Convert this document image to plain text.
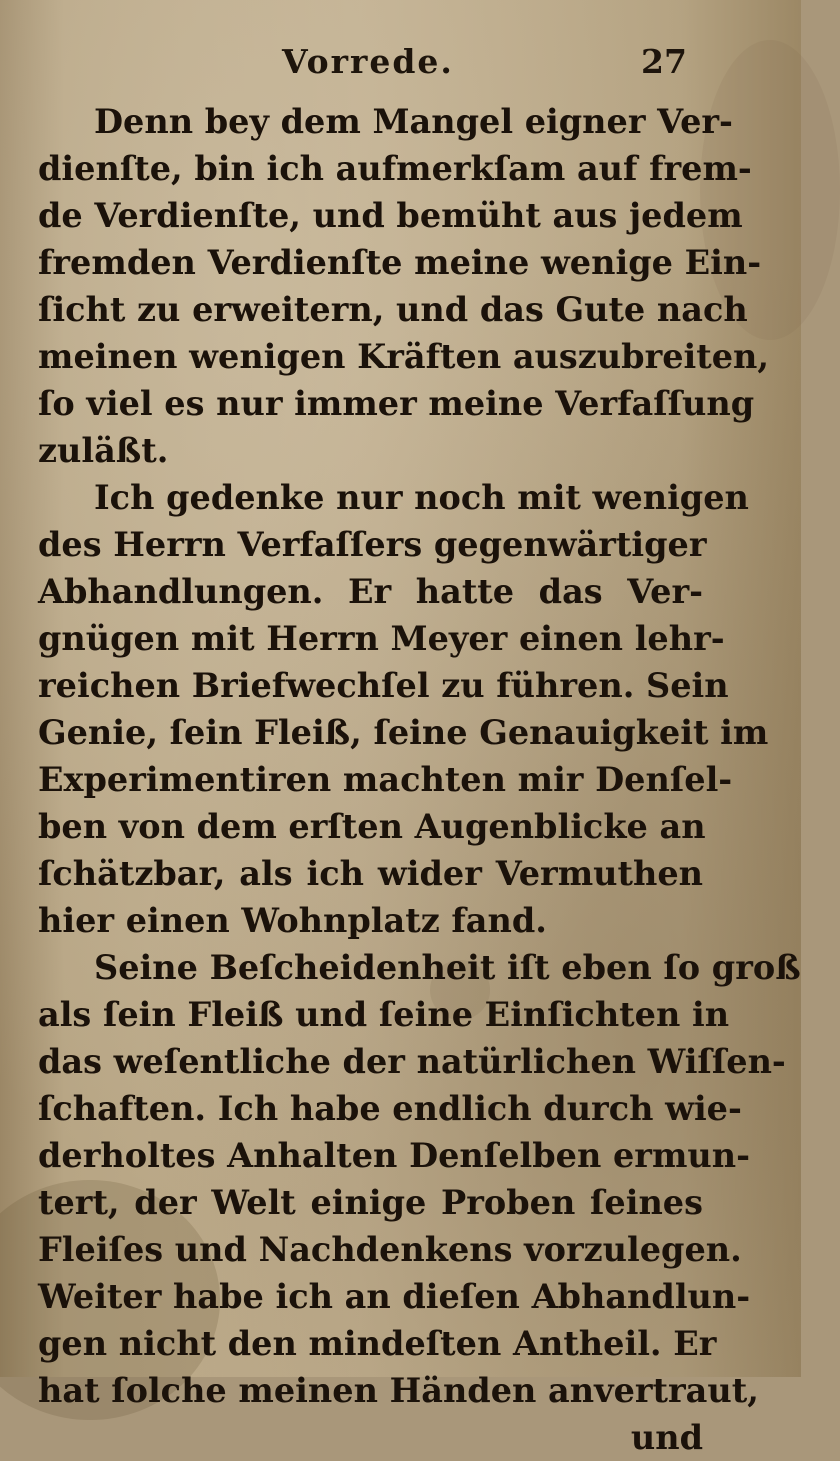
Vorrede.	27
Denn bey dem Mangel eigner Ver-
dienſte, bin ich aufmerkſam auf frem-
de Verdienſte, und bemüht aus jedem
fremden Verdienſte meine wenige Ein-
ſicht zu erweitern, und das Gute nach
meinen wenigen Kräften auszubreiten,
ſo viel es nur immer meine Verfaſſung
zuläßt.
Ich gedenke nur noch mit wenigen
des Herrn Verfaſſers gegenwärtiger
Abhandlungen. Er hatte das Ver-
gnügen mit Herrn Meyer einen lehr-
reichen Briefwechſel zu führen. Sein
Genie, ſein Fleiß, ſeine Genauigkeit im
Experimentiren machten mir Denſel-
ben von dem erſten Augenblicke an
ſchätzbar, als ich wider Vermuthen
hier einen Wohnplatz fand.
Seine Beſcheidenheit iſt eben ſo groß
als ſein Fleiß und ſeine Einſichten in
das weſentliche der natürlichen Wiſſen-
ſchaften. Ich habe endlich durch wie-
derholtes Anhalten Denſelben ermun-
tert, der Welt einige Proben ſeines
Fleiſes und Nachdenkens vorzulegen.
Weiter habe ich an dieſen Abhandlun-
gen nicht den mindeſten Antheil. Er
hat ſolche meinen Händen anvertraut,
und
